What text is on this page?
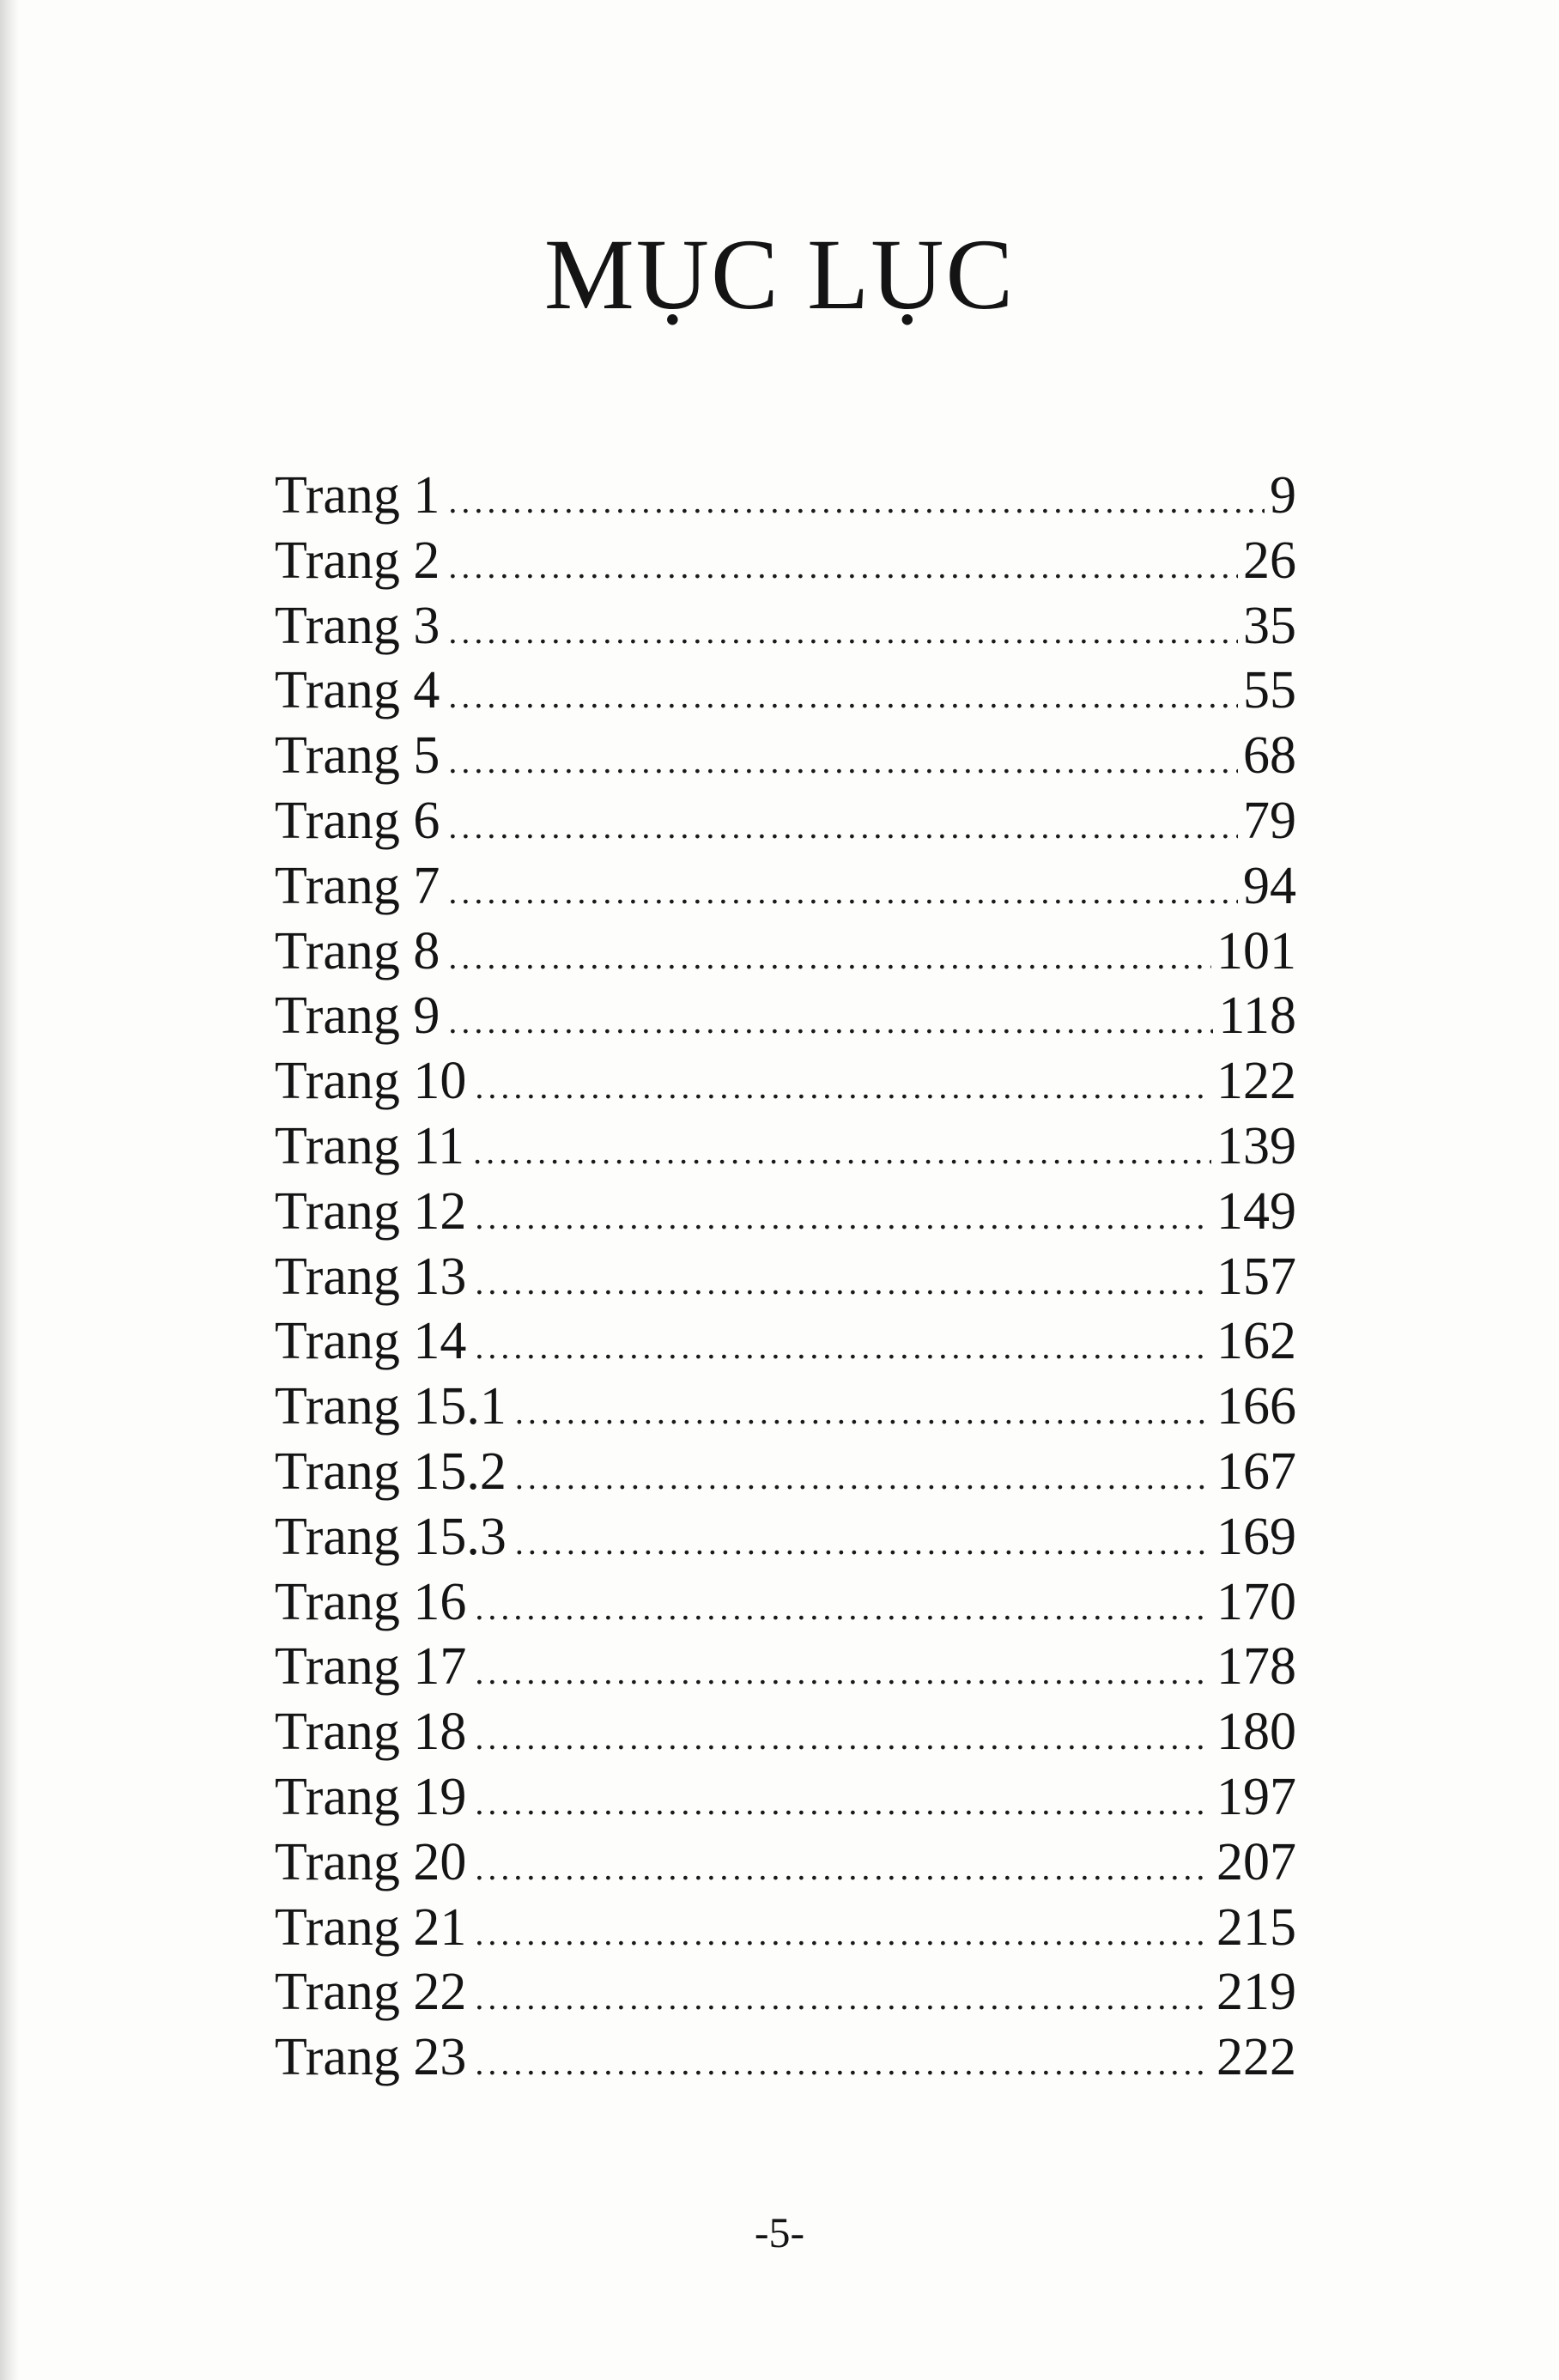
MỤC LỤC
Trang 1 .....	9
Trang 2 .....	26
Trang 3 .....	35
Trang 4 .....	55
Trang 5 .....	68
Trang 6 .....	79
Trang 7 .....	94
Trang 8 .....	101
Trang 9 .....	118
Trang 10 .....	122
Trang 11 .....	139
Trang 12 .....	149
Trang 13 .....	157
Trang 14 .....	162
Trang 15.1 .....	166
Trang 15.2 .....	167
Trang 15.3 .....	169
Trang 16 .....	170
Trang 17 .....	178
Trang 18 .....	180
Trang 19 .....	197
Trang 20 .....	207
Trang 21 .....	215
Trang 22 .....	219
Trang 23 .....	222
-5-
